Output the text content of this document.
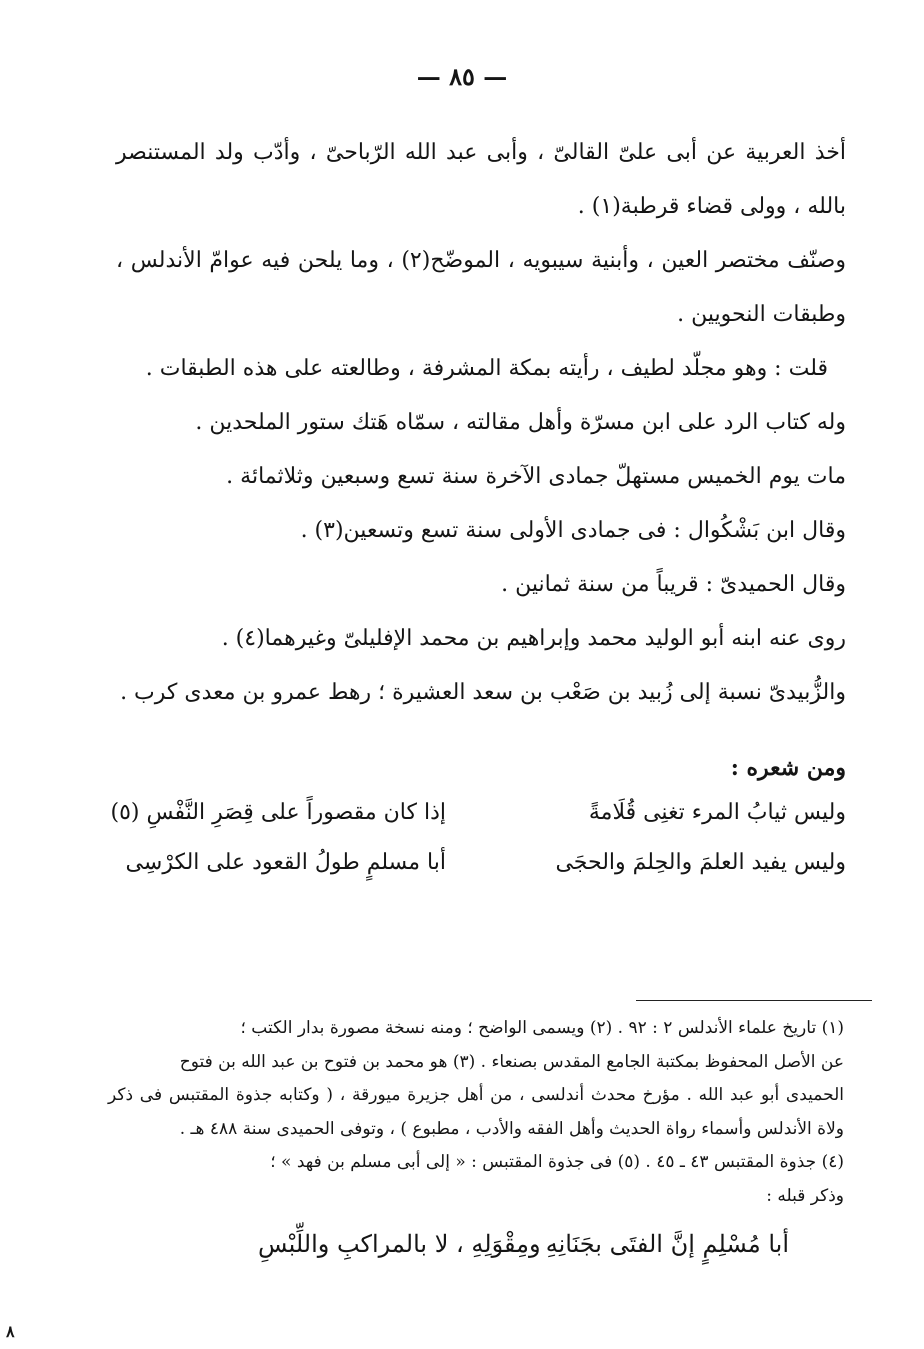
— ٨٥ —
أخذ العربية عن أبى علىّ القالىّ ، وأبى عبد الله الرّباحىّ ، وأدّب ولد المستنصر
بالله ، وولى قضاء قرطبة(١) .
وصنّف مختصر العين ، وأبنية سيبويه ، الموضّح(٢) ، وما يلحن فيه عوامّ الأندلس ،
وطبقات النحويين .
قلت : وهو مجلّد لطيف ، رأيته بمكة المشرفة ، وطالعته على هذه الطبقات .
وله كتاب الرد على ابن مسرّة وأهل مقالته ، سمّاه هَتك ستور الملحدين .
مات يوم الخميس مستهلّ جمادى الآخرة سنة تسع وسبعين وثلاثمائة .
وقال ابن بَشْكُوال : فى جمادى الأولى سنة تسع وتسعين(٣) .
وقال الحميدىّ : قريباً من سنة ثمانين .
روى عنه ابنه أبو الوليد محمد وإبراهيم بن محمد الإفليلىّ وغيرهما(٤) .
والزُّبيدىّ نسبة إلى زُبيد بن صَعْب بن سعد العشيرة ؛ رهط عمرو بن معدى كرب .
ومن شعره :
وليس ثيابُ المرء تغنِى قُلَامةً
إذا كان مقصوراً على قِصَرِ النَّفْسِ (٥)
وليس يفيد العلمَ والحِلمَ والحجَى
أبا مسلمٍ طولُ القعود على الكرْسِى
(١) تاريخ علماء الأندلس ٢ : ٩٢ . (٢) ويسمى الواضح ؛ ومنه نسخة مصورة بدار الكتب ؛
عن الأصل المحفوظ بمكتبة الجامع المقدس بصنعاء . (٣) هو محمد بن فتوح بن عبد الله بن فتوح
الحميدى أبو عبد الله . مؤرخ محدث أندلسى ، من أهل جزيرة ميورقة ، ( وكتابه جذوة المقتبس فى ذكر
ولاة الأندلس وأسماء رواة الحديث وأهل الفقه والأدب ، مطبوع ) ، وتوفى الحميدى سنة ٤٨٨ هـ .
(٤) جذوة المقتبس ٤٣ ـ ٤٥ . (٥) فى جذوة المقتبس : « إلى أبى مسلم بن فهد » ؛
وذكر قبله :
أبا مُسْلِمٍ إنَّ الفتَى بجَنَانِهِ
ومِقْوَلِهِ ، لا بالمراكبِ واللِّبْسِ
٨
